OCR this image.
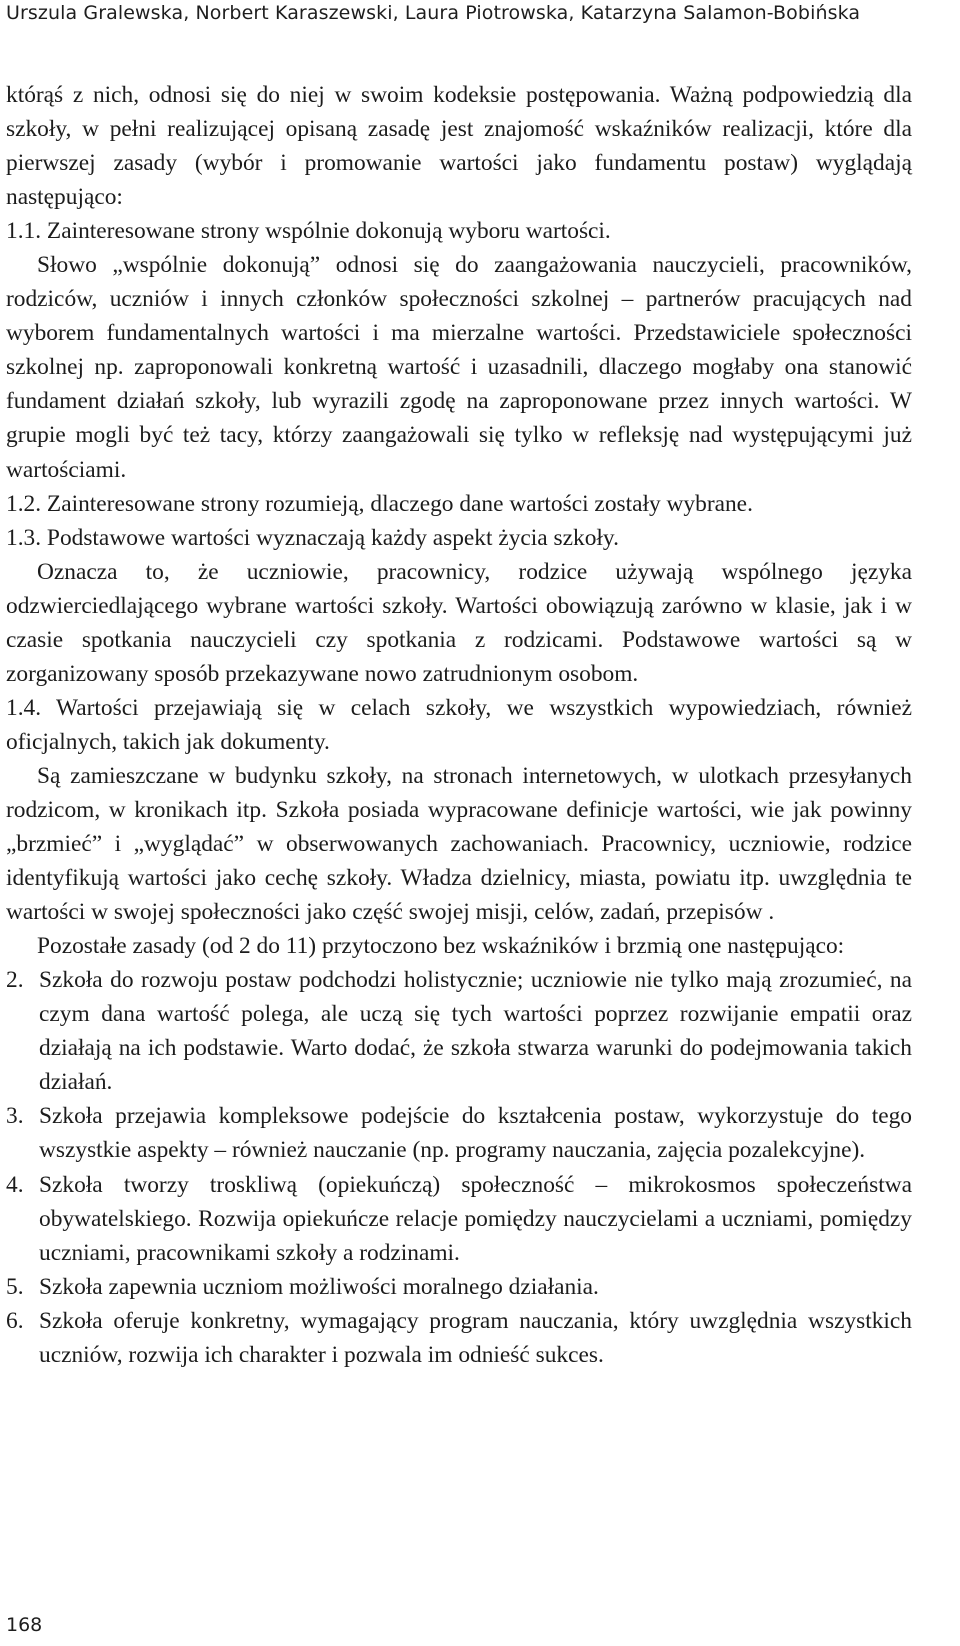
Urszula Gralewska, Norbert Karaszewski, Laura Piotrowska, Katarzyna Salamon-Bobińska

którąś z nich, odnosi się do niej w swoim kodeksie postępowania. Ważną podpowiedzią dla szkoły, w pełni realizującej opisaną zasadę jest znajomość wskaźników realizacji, które dla pierwszej zasady (wybór i promowanie wartości jako fundamentu postaw) wyglądają następująco:

1.1. Zainteresowane strony wspólnie dokonują wyboru wartości.

Słowo „wspólnie dokonują” odnosi się do zaangażowania nauczycieli, pracowników, rodziców, uczniów i innych członków społeczności szkolnej – partnerów pracujących nad wyborem fundamentalnych wartości i ma mierzalne wartości. Przedstawiciele społeczności szkolnej np. zaproponowali konkretną wartość i uzasadnili, dlaczego mogłaby ona stanowić fundament działań szkoły, lub wyrazili zgodę na zaproponowane przez innych wartości. W grupie mogli być też tacy, którzy zaangażowali się tylko w refleksję nad występującymi już wartościami.

1.2. Zainteresowane strony rozumieją, dlaczego dane wartości zostały wybrane.

1.3. Podstawowe wartości wyznaczają każdy aspekt życia szkoły.

Oznacza to, że uczniowie, pracownicy, rodzice używają wspólnego języka odzwierciedlającego wybrane wartości szkoły. Wartości obowiązują zarówno w klasie, jak i w czasie spotkania nauczycieli czy spotkania z rodzicami. Podstawowe wartości są w zorganizowany sposób przekazywane nowo zatrudnionym osobom.

1.4. Wartości przejawiają się w celach szkoły, we wszystkich wypowiedziach, również oficjalnych, takich jak dokumenty.

Są zamieszczane w budynku szkoły, na stronach internetowych, w ulotkach przesyłanych rodzicom, w kronikach itp. Szkoła posiada wypracowane definicje wartości, wie jak powinny „brzmieć” i „wyglądać” w obserwowanych zachowaniach. Pracownicy, uczniowie, rodzice identyfikują wartości jako cechę szkoły. Władza dzielnicy, miasta, powiatu itp. uwzględnia te wartości w swojej społeczności jako część swojej misji, celów, zadań, przepisów .

Pozostałe zasady (od 2 do 11) przytoczono bez wskaźników i brzmią one następująco:

2. Szkoła do rozwoju postaw podchodzi holistycznie; uczniowie nie tylko mają zrozumieć, na czym dana wartość polega, ale uczą się tych wartości poprzez rozwijanie empatii oraz działają na ich podstawie. Warto dodać, że szkoła stwarza warunki do podejmowania takich działań.
3. Szkoła przejawia kompleksowe podejście do kształcenia postaw, wykorzystuje do tego wszystkie aspekty – również nauczanie (np. programy nauczania, zajęcia pozalekcyjne).
4. Szkoła tworzy troskliwą (opiekuńczą) społeczność – mikrokosmos społeczeństwa obywatelskiego. Rozwija opiekuńcze relacje pomiędzy nauczycielami a uczniami, pomiędzy uczniami, pracownikami szkoły a rodzinami.
5. Szkoła zapewnia uczniom możliwości moralnego działania.
6. Szkoła oferuje konkretny, wymagający program nauczania, który uwzględnia wszystkich uczniów, rozwija ich charakter i pozwala im odnieść sukces.
168
